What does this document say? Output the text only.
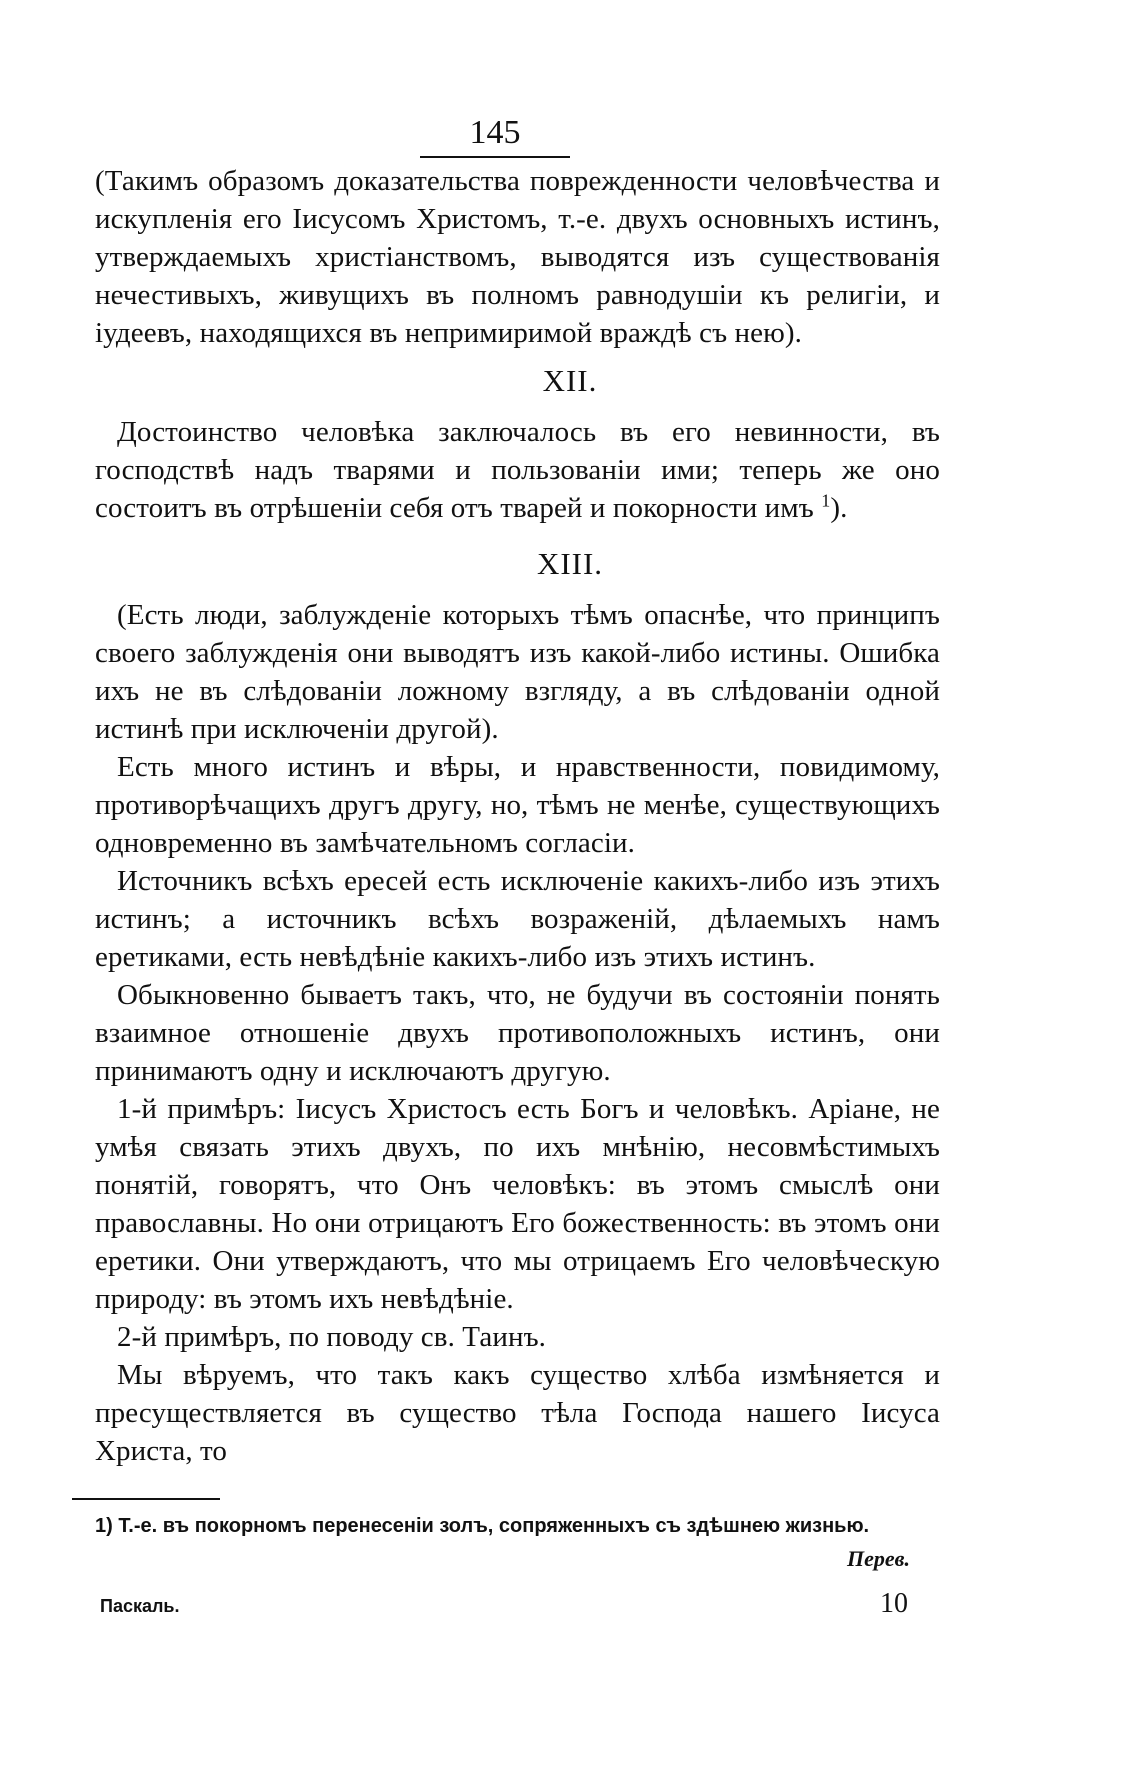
145

(Такимъ образомъ доказательства поврежденности человѣчества и искупленія его Іисусомъ Христомъ, т.-е. двухъ основныхъ истинъ, утверждаемыхъ христіанствомъ, выводятся изъ существованія нечестивыхъ, живущихъ въ полномъ равнодушіи къ религіи, и іудеевъ, находящихся въ непримиримой враждѣ съ нею).

XII.

Достоинство человѣка заключалось въ его невинности, въ господствѣ надъ тварями и пользованіи ими; теперь же оно состоитъ въ отрѣшеніи себя отъ тварей и покорности имъ $^1$).

XIII.

(Есть люди, заблужденіе которыхъ тѣмъ опаснѣе, что принципъ своего заблужденія они выводятъ изъ какой-либо истины. Ошибка ихъ не въ слѣдованіи ложному взгляду, а въ слѣдованіи одной истинѣ при исключеніи другой).

Есть много истинъ и вѣры, и нравственности, повидимому, противорѣчащихъ другъ другу, но, тѣмъ не менѣе, существующихъ одновременно въ замѣчательномъ согласіи.

Источникъ всѣхъ ересей есть исключеніе какихъ-либо изъ этихъ истинъ; а источникъ всѣхъ возраженій, дѣлаемыхъ намъ еретиками, есть невѣдѣніе какихъ-либо изъ этихъ истинъ.

Обыкновенно бываетъ такъ, что, не будучи въ состояніи понять взаимное отношеніе двухъ противоположныхъ истинъ, они принимаютъ одну и исключаютъ другую.

1-й примѣръ: Іисусъ Христосъ есть Богъ и человѣкъ. Аріане, не умѣя связать этихъ двухъ, по ихъ мнѣнію, несовмѣстимыхъ понятій, говорятъ, что Онъ человѣкъ: въ этомъ смыслѣ они православны. Но они отрицаютъ Его божественность: въ этомъ они еретики. Они утверждаютъ, что мы отрицаемъ Его человѣческую природу: въ этомъ ихъ невѣдѣніе.

2-й примѣръ, по поводу св. Таинъ.

Мы вѣруемъ, что такъ какъ существо хлѣба измѣняется и пресуществляется въ существо тѣла Господа нашего Іисуса Христа, то

1) Т.-е. въ покорномъ перенесеніи золъ, сопряженныхъ съ здѣшнею жизнью.
Перев.
Паскаль.	10
